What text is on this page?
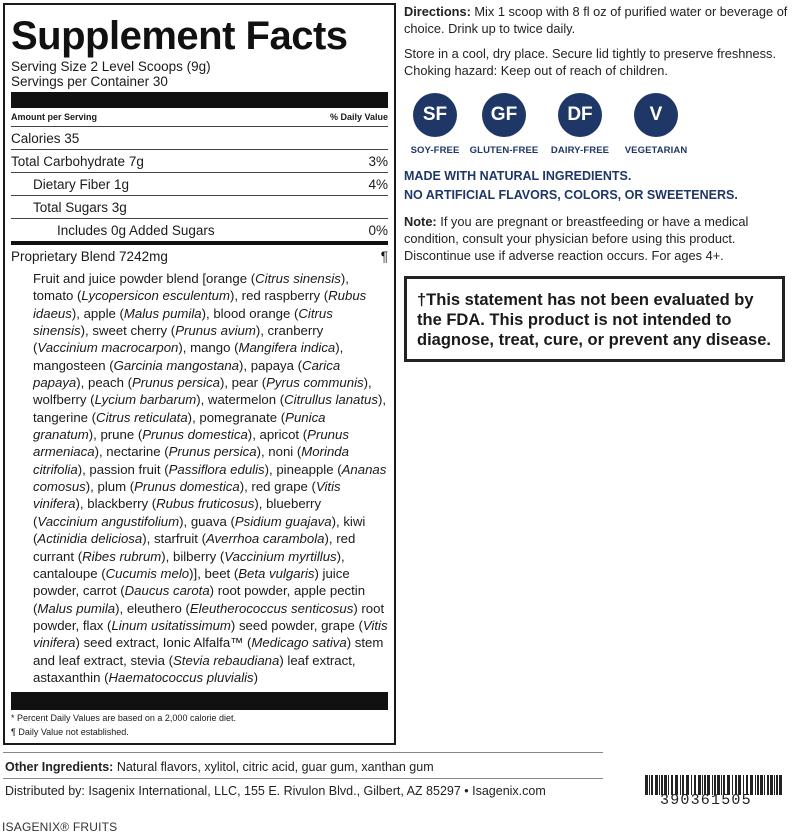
Supplement Facts
Serving Size 2 Level Scoops (9g)
Servings per Container 30
Amount per Serving	% Daily Value
Calories 35
Total Carbohydrate 7g	3%
Dietary Fiber 1g	4%
Total Sugars 3g
Includes 0g Added Sugars	0%
Proprietary Blend 7242mg	¶
Fruit and juice powder blend [orange (Citrus sinensis), tomato (Lycopersicon esculentum), red raspberry (Rubus idaeus), apple (Malus pumila), blood orange (Citrus sinensis), sweet cherry (Prunus avium), cranberry (Vaccinium macrocarpon), mango (Mangifera indica), mangosteen (Garcinia mangostana), papaya (Carica papaya), peach (Prunus persica), pear (Pyrus communis), wolfberry (Lycium barbarum), watermelon (Citrullus lanatus), tangerine (Citrus reticulata), pomegranate (Punica granatum), prune (Prunus domestica), apricot (Prunus armeniaca), nectarine (Prunus persica), noni (Morinda citrifolia), passion fruit (Passiflora edulis), pineapple (Ananas comosus), plum (Prunus domestica), red grape (Vitis vinifera), blackberry (Rubus fruticosus), blueberry (Vaccinium angustifolium), guava (Psidium guajava), kiwi (Actinidia deliciosa), starfruit (Averrhoa carambola), red currant (Ribes rubrum), bilberry (Vaccinium myrtillus), cantaloupe (Cucumis melo)], beet (Beta vulgaris) juice powder, carrot (Daucus carota) root powder, apple pectin (Malus pumila), eleuthero (Eleutherococcus senticosus) root powder, flax (Linum usitatissimum) seed powder, grape (Vitis vinifera) seed extract, Ionic Alfalfa™ (Medicago sativa) stem and leaf extract, stevia (Stevia rebaudiana) leaf extract, astaxanthin (Haematococcus pluvialis)
* Percent Daily Values are based on a 2,000 calorie diet.
¶ Daily Value not established.
Directions: Mix 1 scoop with 8 fl oz of purified water or beverage of choice. Drink up to twice daily.
Store in a cool, dry place. Secure lid tightly to preserve freshness.
Choking hazard: Keep out of reach of children.
SF
SOY-FREE
GF
GLUTEN-FREE
DF
DAIRY-FREE
V
VEGETARIAN
MADE WITH NATURAL INGREDIENTS.
NO ARTIFICIAL FLAVORS, COLORS, OR SWEETENERS.
Note: If you are pregnant or breastfeeding or have a medical condition, consult your physician before using this product. Discontinue use if adverse reaction occurs. For ages 4+.
†This statement has not been evaluated by the FDA. This product is not intended to diagnose, treat, cure, or prevent any disease.
Other Ingredients: Natural flavors, xylitol, citric acid, guar gum, xanthan gum
Distributed by: Isagenix International, LLC, 155 E. Rivulon Blvd., Gilbert, AZ 85297 • Isagenix.com
ISAGENIX® FRUITS
390361505
